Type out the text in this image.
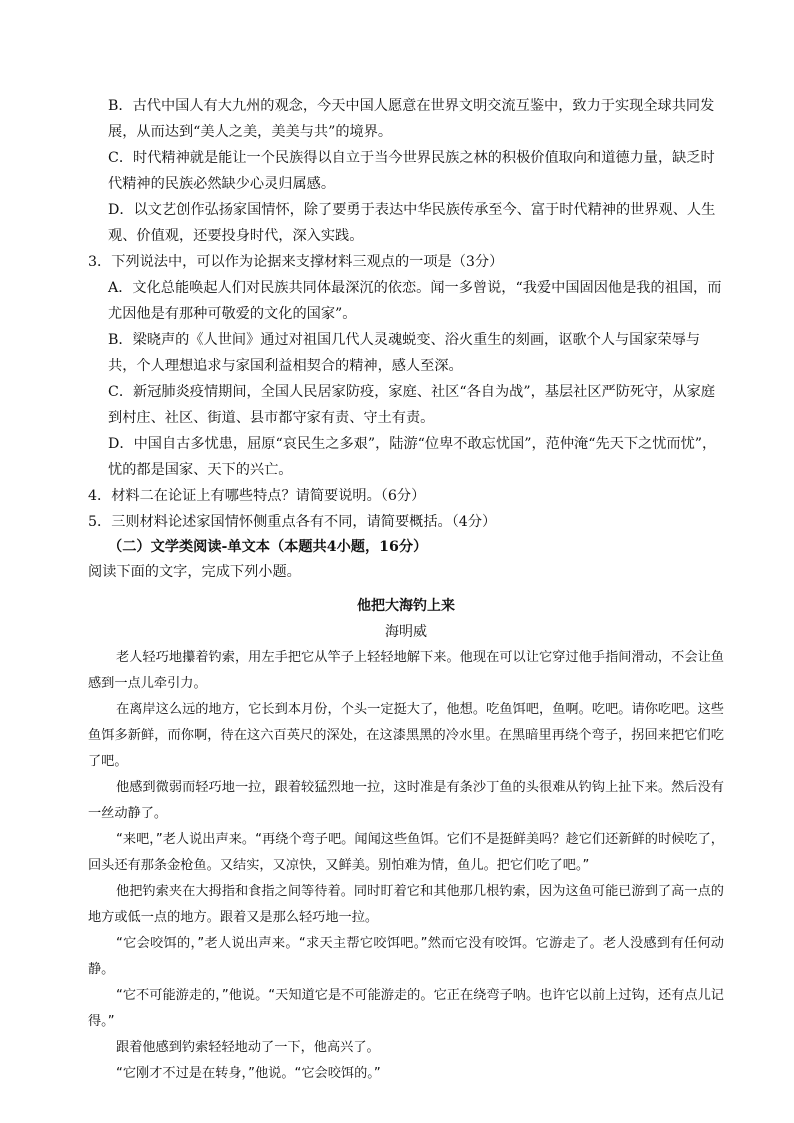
B．古代中国人有大九州的观念，今天中国人愿意在世界文明交流互鉴中，致力于实现全球共同发展，从而达到“美人之美，美美与共”的境界。

C．时代精神就是能让一个民族得以自立于当今世界民族之林的积极价值取向和道德力量，缺乏时代精神的民族必然缺少心灵归属感。

D．以文艺创作弘扬家国情怀，除了要勇于表达中华民族传承至今、富于时代精神的世界观、人生观、价值观，还要投身时代，深入实践。

3．下列说法中，可以作为论据来支撑材料三观点的一项是（3分）

A．文化总能唤起人们对民族共同体最深沉的依恋。闻一多曾说，“我爱中国固因他是我的祖国，而尤因他是有那种可敬爱的文化的国家”。

B．梁晓声的《人世间》通过对祖国几代人灵魂蜕变、浴火重生的刻画，讴歌个人与国家荣辱与共，个人理想追求与家国利益相契合的精神，感人至深。

C．新冠肺炎疫情期间，全国人民居家防疫，家庭、社区“各自为战”，基层社区严防死守，从家庭到村庄、社区、街道、县市都守家有责、守土有责。

D．中国自古多忧患，屈原“哀民生之多艰”，陆游“位卑不敢忘忧国”，范仲淹“先天下之忧而忧”，忧的都是国家、天下的兴亡。

4．材料二在论证上有哪些特点？请简要说明。（6分）

5．三则材料论述家国情怀侧重点各有不同，请简要概括。（4分）

（二）文学类阅读-单文本（本题共4小题，16分）

阅读下面的文字，完成下列小题。

他把大海钓上来

海明威

老人轻巧地攥着钓索，用左手把它从竿子上轻轻地解下来。他现在可以让它穿过他手指间滑动，不会让鱼感到一点儿牵引力。

在离岸这么远的地方，它长到本月份，个头一定挺大了，他想。吃鱼饵吧，鱼啊。吃吧。请你吃吧。这些鱼饵多新鲜，而你啊，待在这六百英尺的深处，在这漆黑黑的冷水里。在黑暗里再绕个弯子，拐回来把它们吃了吧。

他感到微弱而轻巧地一拉，跟着较猛烈地一拉，这时准是有条沙丁鱼的头很难从钓钩上扯下来。然后没有一丝动静了。

“来吧，”老人说出声来。“再绕个弯子吧。闻闻这些鱼饵。它们不是挺鲜美吗？趁它们还新鲜的时候吃了，回头还有那条金枪鱼。又结实，又凉快，又鲜美。别怕难为情，鱼儿。把它们吃了吧。”

他把钓索夹在大拇指和食指之间等待着。同时盯着它和其他那几根钓索，因为这鱼可能已游到了高一点的地方或低一点的地方。跟着又是那么轻巧地一拉。

“它会咬饵的，”老人说出声来。“求天主帮它咬饵吧。”然而它没有咬饵。它游走了。老人没感到有任何动静。

“它不可能游走的，”他说。“天知道它是不可能游走的。它正在绕弯子呐。也许它以前上过钩，还有点儿记得。”

跟着他感到钓索轻轻地动了一下，他高兴了。

“它刚才不过是在转身，”他说。“它会咬饵的。”
